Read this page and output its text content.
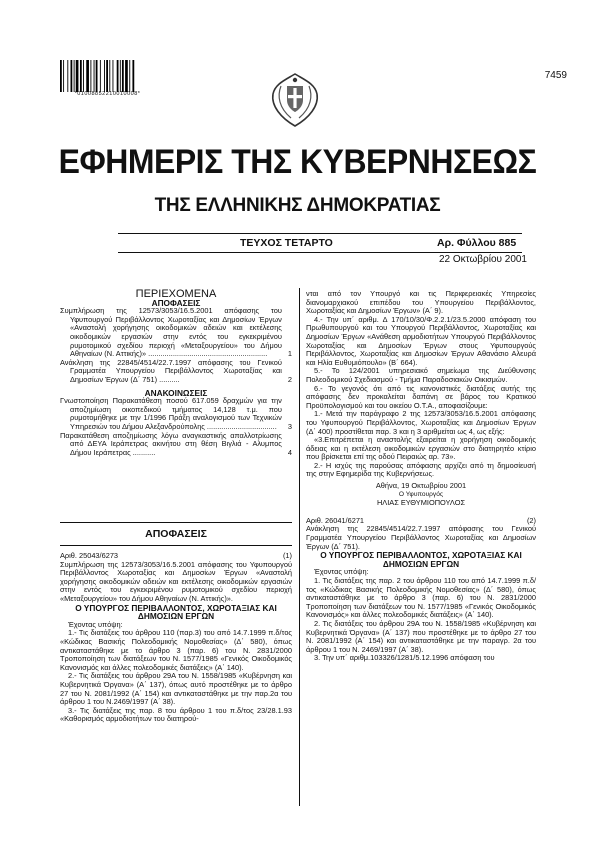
*01008852210010008*
7459
ΕΦΗΜΕΡΙΣ ΤΗΣ ΚΥΒΕΡΝΗΣΕΩΣ
ΤΗΣ ΕΛΛΗΝΙΚΗΣ ΔΗΜΟΚΡΑΤΙΑΣ
ΤΕΥΧΟΣ ΤΕΤΑΡΤΟ	Αρ. Φύλλου 885
22 Οκτωβρίου 2001

ΠΕΡΙΕΧΟΜΕΝΑ

ΑΠΟΦΑΣΕΙΣ

Συμπλήρωση της 12573/3053/16.5.2001 απόφασης του Υφυπουργού Περιβάλλοντος Χωροταξίας και Δημοσίων Έργων «Αναστολή χορήγησης οικοδομικών αδειών και εκτέλεσης οικοδομικών εργασιών στην εντός του εγκεκριμένου ρυμοτομικού σχεδίου περιοχή «Μεταξουργείου» του Δήμου Αθηναίων (Ν. Αττικής)» ..........................................................	1

Ανάκληση της 22845/4514/22.7.1997 απόφασης του Γενικού Γραμματέα Υπουργείου Περιβάλλοντος Χωροταξίας και Δημοσίων Έργων (Δ΄ 751) ..........	2

ΑΝΑΚΟΙΝΩΣΕΙΣ

Γνωστοποίηση Παρακατάθεση ποσού 617.059 δραχμών για την αποζημίωση οικοπεδικού τμήματος 14,128 τ.μ. που ρυμοτομήθηκε με την 1/1996 Πράξη αναλογισμού των Τεχνικών Υπηρεσιών του Δήμου Αλεξανδρούπολης ..................................	3

Παρακατάθεση αποζημίωσης λόγω αναγκαστικής απαλλοτρίωσης από ΔΕΥΑ Ιεράπετρας ακινήτου στη θέση Βιγλιά - Αλυμπος Δήμου Ιεράπετρας ...........	4

ΑΠΟΦΑΣΕΙΣ

Αριθ. 25043/6273	(1)

Συμπλήρωση της 12573/3053/16.5.2001 απόφασης του Υφυπουργού Περιβάλλοντος Χωροταξίας και Δημοσίων Έργων «Αναστολή χορήγησης οικοδομικών αδειών και εκτέλεσης οικοδομικών εργασιών στην εντός του εγκεκριμένου ρυμοτομικού σχεδίου περιοχή «Μεταξουργείου» του Δήμου Αθηναίων (Ν. Αττικής)».

Ο ΥΠΟΥΡΓΟΣ ΠΕΡΙΒΑΛΛΟΝΤΟΣ, ΧΩΡΟΤΑΞΙΑΣ ΚΑΙ ΔΗΜΟΣΙΩΝ ΕΡΓΩΝ

Έχοντας υπόψη:

1.- Τις διατάξεις του άρθρου 110 (παρ.3) του από 14.7.1999 π.δ/τος «Κώδικας Βασικής Πολεοδομικής Νομοθεσίας» (Δ΄ 580), όπως αντικαταστάθηκε με το άρθρο 3 (παρ. 6) του Ν. 2831/2000 Τροποποίηση των διατάξεων του Ν. 1577/1985 «Γενικός Οικοδομικός Κανονισμός και άλλες πολεοδομικές διατάξεις» (Α΄ 140).

2.- Τις διατάξεις του άρθρου 29Α του Ν. 1558/1985 «Κυβέρνηση και Κυβερνητικά Όργανα» (Α΄ 137), όπως αυτό προστέθηκε με το άρθρο 27 του Ν. 2081/1992 (Α΄ 154) και αντικαταστάθηκε με την παρ.2α του άρθρου 1 του Ν.2469/1997 (Α΄ 38).

3.- Τις διατάξεις της παρ. 8 του άρθρου 1 του π.δ/τος 23/28.1.93 «Καθορισμός αρμοδιοτήτων του διατηρού-

νται από τον Υπουργό και τις Περιφερειακές Υπηρεσίες διανομαρχιακού επιπέδου του Υπουργείου Περιβάλλοντος, Χωροταξίας και Δημοσίων Έργων» (Α΄ 9).

4.- Την υπ΄ αριθμ. Δ 170/10/30/Φ.2.2.1/23.5.2000 απόφαση του Πρωθυπουργού και του Υπουργού Περιβάλλοντος, Χωροταξίας και Δημοσίων Έργων «Ανάθεση αρμοδιοτήτων Υπουργού Περιβάλλοντος Χωροταξίας και Δημοσίων Έργων στους Υφυπουργούς Περιβάλλοντος, Χωροταξίας και Δημοσίων Έργων Αθανάσιο Αλευρά και Ηλία Ευθυμιόπουλο» (Β΄ 664).

5.- Το 124/2001 υπηρεσιακό σημείωμα της Διεύθυνσης Πολεοδομικού Σχεδιασμού - Τμήμα Παραδοσιακών Οικισμών.

6.- Το γεγονός ότι από τις κανονιστικές διατάξεις αυτής της απόφασης δεν προκαλείται δαπάνη σε βάρος του Κρατικού Προϋπολογισμού και του οικείου Ο.Τ.Α., αποφασίζουμε:

1.- Μετά την παράγραφο 2 της 12573/3053/16.5.2001 απόφασης του Υφυπουργού Περιβάλλοντος, Χωροταξίας και Δημοσίων Έργων (Δ΄ 400) προστίθεται παρ. 3 και η 3 αριθμείται ως 4, ως εξής:

«3.Επιτρέπεται η αναστολής εξαιρείται η χορήγηση οικοδομικής άδειας και η εκτέλεση οικοδομικών εργασιών στο διατηρητέο κτίριο που βρίσκεται επί της οδού Πειραιώς αρ. 73».

2.- Η ισχύς της παρούσας απόφασης αρχίζει από τη δημοσίευσή της στην Εφημερίδα της Κυβερνήσεως.

Αθήνα, 19 Οκτωβρίου 2001

Ο Υφυπουργός

ΗΛΙΑΣ ΕΥΘΥΜΙΟΠΟΥΛΟΣ

Αριθ. 26041/6271	(2)

Ανάκληση της 22845/4514/22.7.1997 απόφασης του Γενικού Γραμματέα Υπουργείου Περιβάλλοντος Χωροταξίας και Δημοσίων Έργων (Δ΄ 751).

Ο ΥΠΟΥΡΓΟΣ ΠΕΡΙΒΑΛΛΟΝΤΟΣ, ΧΩΡΟΤΑΞΙΑΣ ΚΑΙ ΔΗΜΟΣΙΩΝ ΕΡΓΩΝ

Έχοντας υπόψη:

1. Τις διατάξεις της παρ. 2 του άρθρου 110 του από 14.7.1999 π.δ/τος «Κώδικας Βασικής Πολεοδομικής Νομοθεσίας» (Δ΄ 580), όπως αντικαταστάθηκε με το άρθρο 3 (παρ. 6) του Ν. 2831/2000 Τροποποίηση των διατάξεων του Ν. 1577/1985 «Γενικός Οικοδομικός Κανονισμός» και άλλες πολεοδομικές διατάξεις» (Α΄ 140).

2. Τις διατάξεις του άρθρου 29Α του Ν. 1558/1985 «Κυβέρνηση και Κυβερνητικά Όργανα» (Α΄ 137) που προστέθηκε με το άρθρο 27 του Ν. 2081/1992 (Α΄ 154) και αντικαταστάθηκε με την παραγρ. 2α του άρθρου 1 του Ν. 2469/1997 (Α΄ 38).

3. Την υπ΄ αριθμ.103326/1281/5.12.1996 απόφαση του
